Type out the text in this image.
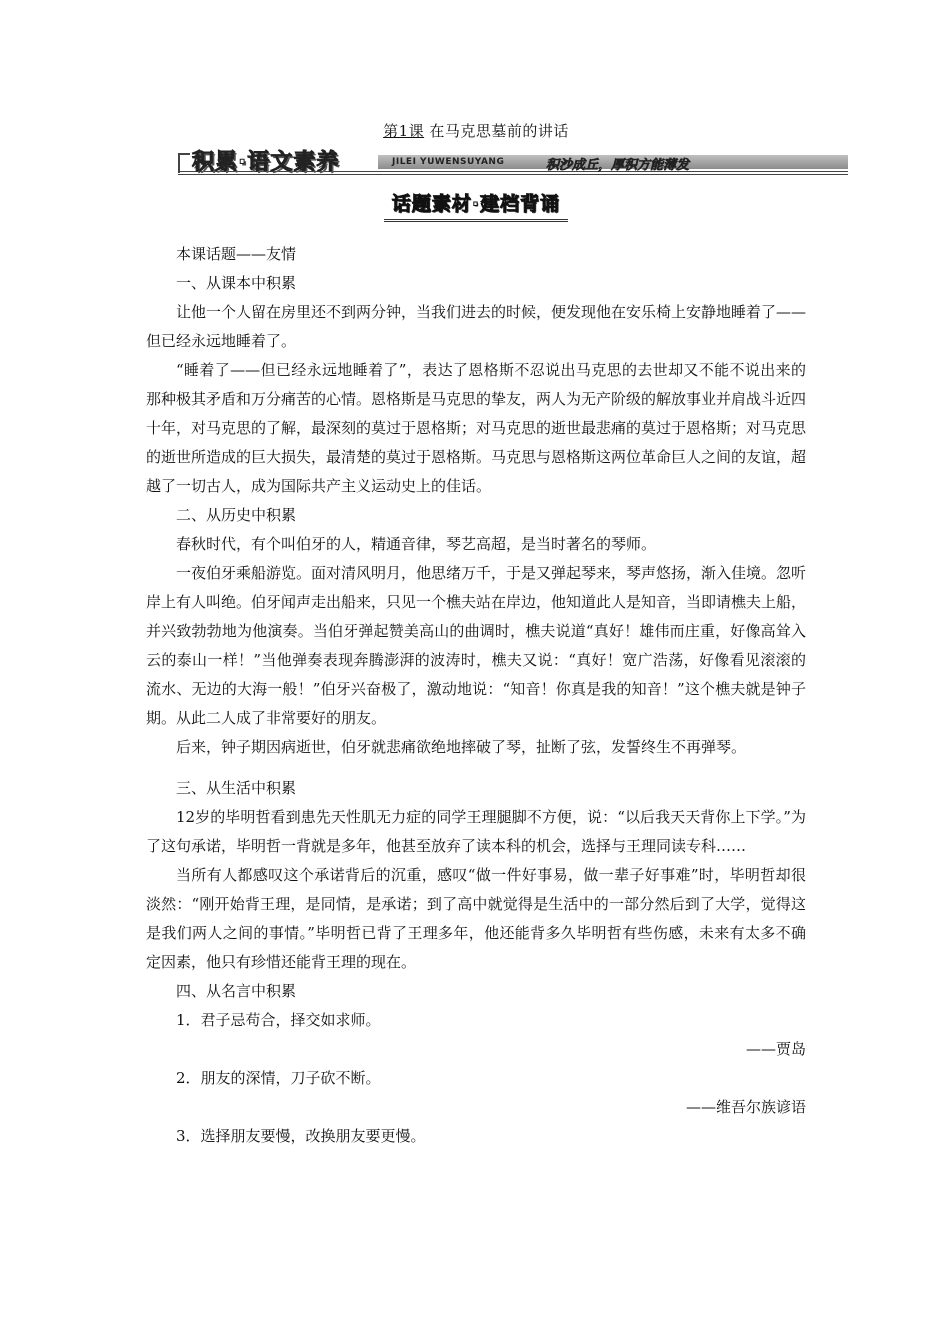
第1课 在马克思墓前的讲话
积累·语文素养	JILEI YUWENSUYANG	积沙成丘，厚积方能薄发
话题素材·建档背诵

本课话题——友情

一、从课本中积累

让他一个人留在房里还不到两分钟，当我们进去的时候，便发现他在安乐椅上安静地睡着了——但已经永远地睡着了。

“睡着了——但已经永远地睡着了”，表达了恩格斯不忍说出马克思的去世却又不能不说出来的那种极其矛盾和万分痛苦的心情。恩格斯是马克思的挚友，两人为无产阶级的解放事业并肩战斗近四十年，对马克思的了解，最深刻的莫过于恩格斯；对马克思的逝世最悲痛的莫过于恩格斯；对马克思的逝世所造成的巨大损失，最清楚的莫过于恩格斯。马克思与恩格斯这两位革命巨人之间的友谊，超越了一切古人，成为国际共产主义运动史上的佳话。

二、从历史中积累

春秋时代，有个叫伯牙的人，精通音律，琴艺高超，是当时著名的琴师。

一夜伯牙乘船游览。面对清风明月，他思绪万千，于是又弹起琴来，琴声悠扬，渐入佳境。忽听岸上有人叫绝。伯牙闻声走出船来，只见一个樵夫站在岸边，他知道此人是知音，当即请樵夫上船，并兴致勃勃地为他演奏。当伯牙弹起赞美高山的曲调时，樵夫说道“真好！雄伟而庄重，好像高耸入云的泰山一样！”当他弹奏表现奔腾澎湃的波涛时，樵夫又说：“真好！宽广浩荡，好像看见滚滚的流水、无边的大海一般！”伯牙兴奋极了，激动地说：“知音！你真是我的知音！”这个樵夫就是钟子期。从此二人成了非常要好的朋友。

后来，钟子期因病逝世，伯牙就悲痛欲绝地摔破了琴，扯断了弦，发誓终生不再弹琴。

三、从生活中积累

12岁的毕明哲看到患先天性肌无力症的同学王理腿脚不方便，说：“以后我天天背你上下学。”为了这句承诺，毕明哲一背就是多年，他甚至放弃了读本科的机会，选择与王理同读专科……

当所有人都感叹这个承诺背后的沉重，感叹“做一件好事易，做一辈子好事难”时，毕明哲却很淡然：“刚开始背王理，是同情，是承诺；到了高中就觉得是生活中的一部分然后到了大学，觉得这是我们两人之间的事情。”毕明哲已背了王理多年，他还能背多久毕明哲有些伤感，未来有太多不确定因素，他只有珍惜还能背王理的现在。

四、从名言中积累

1．君子忌苟合，择交如求师。

——贾岛

2．朋友的深情，刀子砍不断。

——维吾尔族谚语

3．选择朋友要慢，改换朋友要更慢。
